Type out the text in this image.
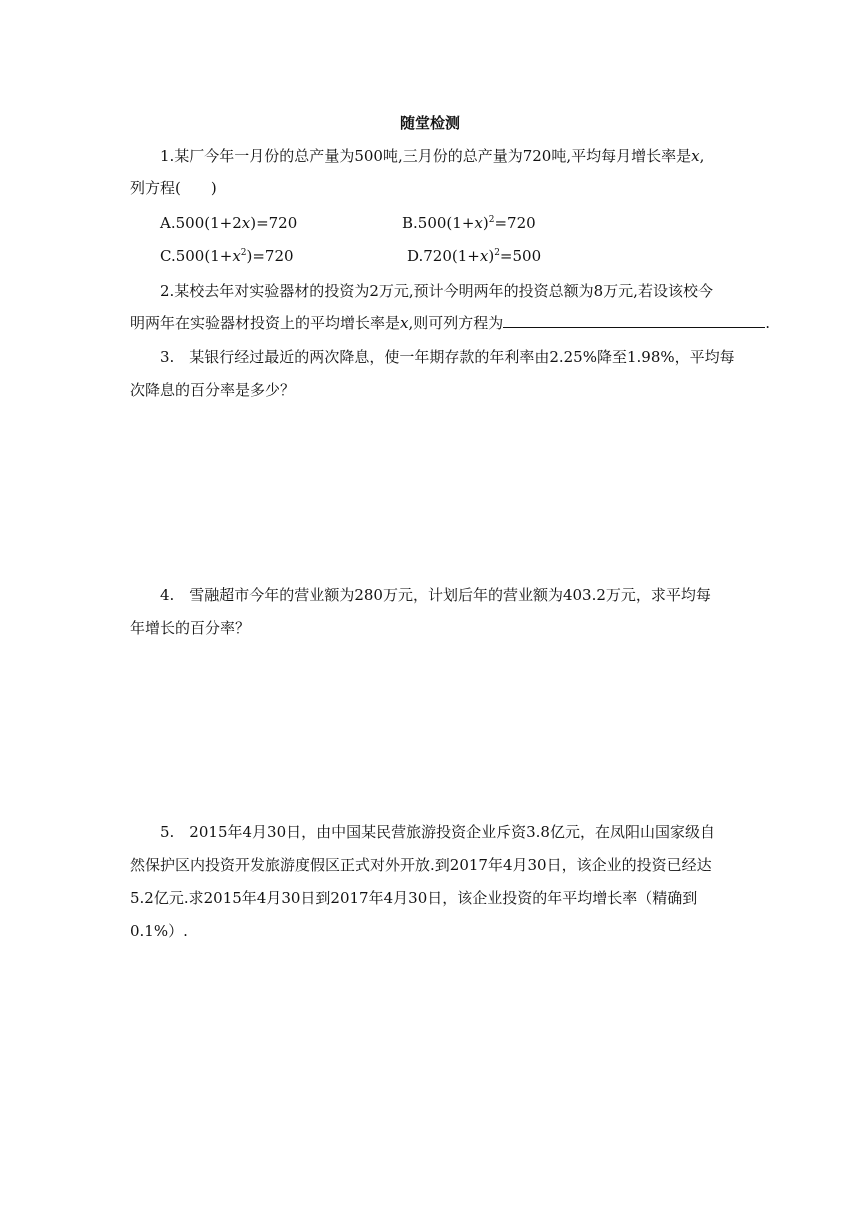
随堂检测
1.某厂今年一月份的总产量为500吨,三月份的总产量为720吨,平均每月增长率是x,
列方程(　　)
A.500(1+2x)=720	$B.500(1+x)^2=720$
$C.500(1+x^2)=720$	$D.720(1+x)^2=500$
2.某校去年对实验器材的投资为2万元,预计今明两年的投资总额为8万元,若设该校今
明两年在实验器材投资上的平均增长率是x,则可列方程为	.
3.　某银行经过最近的两次降息，使一年期存款的年利率由2.25%降至1.98%，平均每
次降息的百分率是多少？
4.　雪融超市今年的营业额为280万元，计划后年的营业额为403.2万元，求平均每
年增长的百分率？
5.　2015年4月30日，由中国某民营旅游投资企业斥资3.8亿元，在凤阳山国家级自
然保护区内投资开发旅游度假区正式对外开放.到2017年4月30日，该企业的投资已经达
5.2亿元.求2015年4月30日到2017年4月30日，该企业投资的年平均增长率（精确到
0.1%）.
